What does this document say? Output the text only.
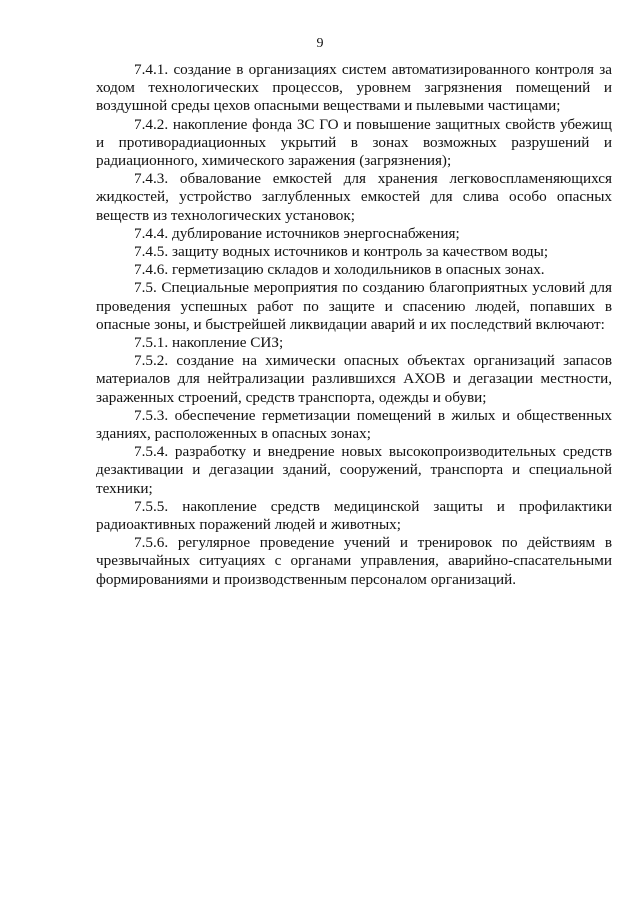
9

7.4.1. создание в организациях систем автоматизированного контроля за ходом технологических процессов, уровнем загрязнения помещений и воздушной среды цехов опасными веществами и пылевыми частицами;

7.4.2. накопление фонда ЗС ГО и повышение защитных свойств убежищ и противорадиационных укрытий в зонах возможных разрушений и радиационного, химического заражения (загрязнения);

7.4.3. обвалование емкостей для хранения легковоспламеняющихся жидкостей, устройство заглубленных емкостей для слива особо опасных веществ из технологических установок;

7.4.4. дублирование источников энергоснабжения;

7.4.5. защиту водных источников и контроль за качеством воды;

7.4.6. герметизацию складов и холодильников в опасных зонах.

7.5. Специальные мероприятия по созданию благоприятных условий для проведения успешных работ по защите и спасению людей, попавших в опасные зоны, и быстрейшей ликвидации аварий и их последствий включают:

7.5.1. накопление СИЗ;

7.5.2. создание на химически опасных объектах организаций запасов материалов для нейтрализации разлившихся АХОВ и дегазации местности, зараженных строений, средств транспорта, одежды и обуви;

7.5.3. обеспечение герметизации помещений в жилых и общественных зданиях, расположенных в опасных зонах;

7.5.4. разработку и внедрение новых высокопроизводительных средств дезактивации и дегазации зданий, сооружений, транспорта и специальной техники;

7.5.5. накопление средств медицинской защиты и профилактики радиоактивных поражений людей и животных;

7.5.6. регулярное проведение учений и тренировок по действиям в чрезвычайных ситуациях с органами управления, аварийно-спасательными формированиями и производственным персоналом организаций.
